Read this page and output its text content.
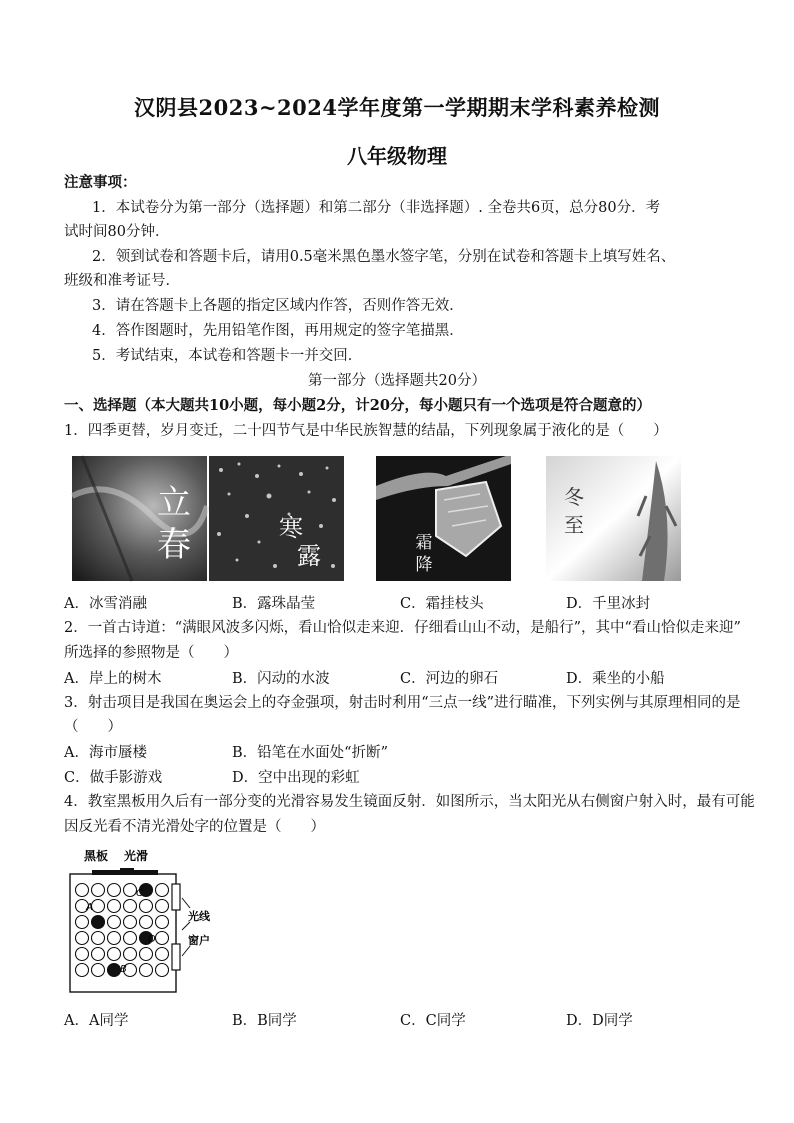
汉阴县2023~2024学年度第一学期期末学科素养检测
八年级物理
注意事项：
1．本试卷分为第一部分（选择题）和第二部分（非选择题）. 全卷共6页，总分80分．考
试时间80分钟．
2．领到试卷和答题卡后，请用0.5毫米黑色墨水签字笔，分别在试卷和答题卡上填写姓名、
班级和准考证号．
3．请在答题卡上各题的指定区域内作答，否则作答无效．
4．答作图题时，先用铅笔作图，再用规定的签字笔描黑．
5．考试结束，本试卷和答题卡一并交回．
第一部分（选择题共20分）
一、选择题（本大题共10小题，每小题2分，计20分，每小题只有一个选项是符合题意的）
1．四季更替，岁月变迁，二十四节气是中华民族智慧的结晶，下列现象属于液化的是（　　）
立
春	寒
露	霜
降
冬
至
A．冰雪消融	B．露珠晶莹	C．霜挂枝头	D．千里冰封
2．一首古诗道：“满眼风波多闪烁，看山恰似走来迎．仔细看山山不动，是船行”，其中“看山恰似走来迎”
所选择的参照物是（　　）
A．岸上的树木	B．闪动的水波	C．河边的卵石	D．乘坐的小船
3．射击项目是我国在奥运会上的夺金强项，射击时利用“三点一线”进行瞄准，下列实例与其原理相同的是
（　　）
A．海市蜃楼	B．铅笔在水面处“折断”
C．做手影游戏	D．空中出现的彩虹
4．教室黑板用久后有一部分变的光滑容易发生镜面反射．如图所示，当太阳光从右侧窗户射入时，最有可能
因反光看不清光滑处字的位置是（　　）
黑板 光滑
光线
窗户
A
B
C
D
A．A同学	B．B同学	C．C同学	D．D同学
